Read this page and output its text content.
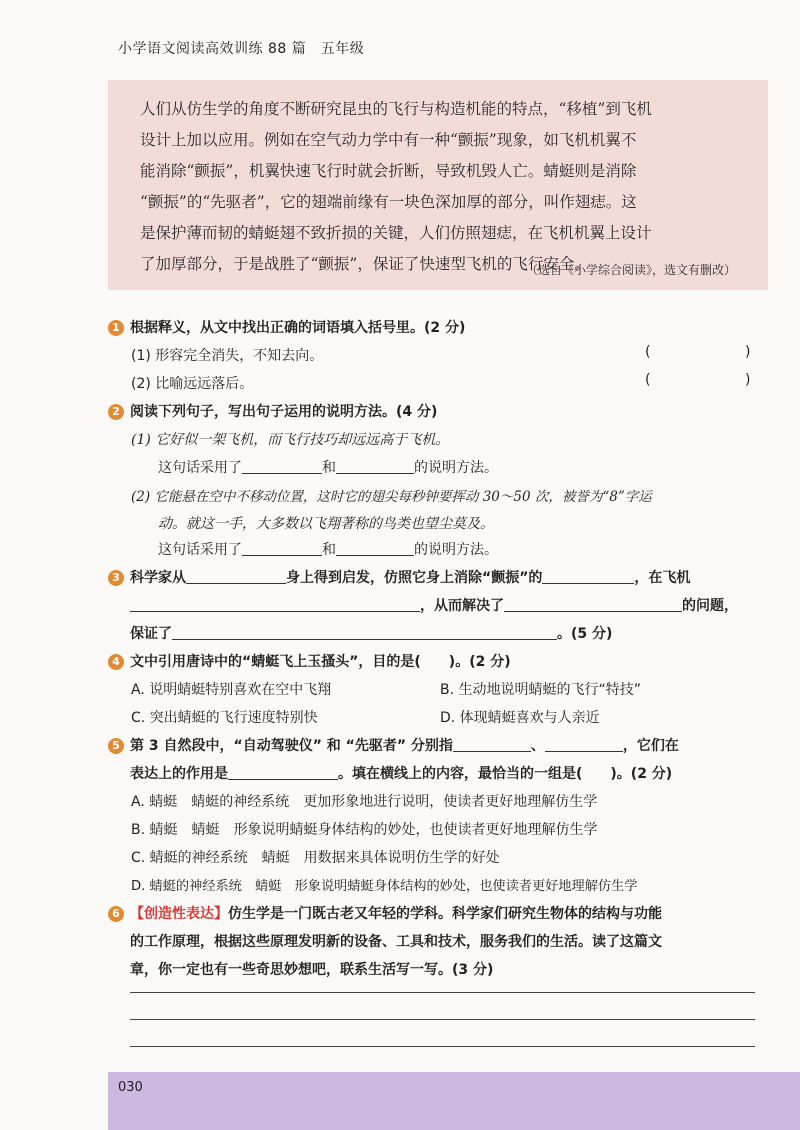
小学语文阅读高效训练 88 篇　五年级
人们从仿生学的角度不断研究昆虫的飞行与构造机能的特点，“移植”到飞机
设计上加以应用。例如在空气动力学中有一种“颤振”现象，如飞机机翼不
能消除“颤振”，机翼快速飞行时就会折断，导致机毁人亡。蜻蜓则是消除
“颤振”的“先驱者”，它的翅端前缘有一块色深加厚的部分，叫作翅痣。这
是保护薄而韧的蜻蜓翅不致折损的关键，人们仿照翅痣，在飞机机翼上设计
了加厚部分，于是战胜了“颤振”，保证了快速型飞机的飞行安全。
（选自《小学综合阅读》，选文有删改）
1 根据释义，从文中找出正确的词语填入括号里。(2 分)
(1) 形容完全消失，不知去向。	(	)
(2) 比喻远远落后。	(	)
2 阅读下列句子，写出句子运用的说明方法。(4 分)
(1) 它好似一架飞机，而飞行技巧却远远高于飞机。
这句话采用了	和	的说明方法。
(2) 它能悬在空中不移动位置，这时它的翅尖每秒钟要挥动 30～50 次，被誉为“8”字运
动。就这一手，大多数以飞翔著称的鸟类也望尘莫及。
这句话采用了	和	的说明方法。
3 科学家从	身上得到启发，仿照它身上消除“颤振”的	，在飞机
，从而解决了	的问题，
保证了	。(5 分)
4 文中引用唐诗中的“蜻蜓飞上玉搔头”，目的是(　　)。(2 分)
A. 说明蜻蜓特别喜欢在空中飞翔	B. 生动地说明蜻蜓的飞行“特技”
C. 突出蜻蜓的飞行速度特别快	D. 体现蜻蜓喜欢与人亲近
5 第 3 自然段中，“自动驾驶仪” 和 “先驱者” 分别指	、	，它们在
表达上的作用是	。填在横线上的内容，最恰当的一组是(　　)。(2 分)
A. 蜻蜓　蜻蜓的神经系统　更加形象地进行说明，使读者更好地理解仿生学
B. 蜻蜓　蜻蜓　形象说明蜻蜓身体结构的妙处，也使读者更好地理解仿生学
C. 蜻蜓的神经系统　蜻蜓　用数据来具体说明仿生学的好处
D. 蜻蜓的神经系统　蜻蜓　形象说明蜻蜓身体结构的妙处，也使读者更好地理解仿生学
6 【创造性表达】仿生学是一门既古老又年轻的学科。科学家们研究生物体的结构与功能
的工作原理，根据这些原理发明新的设备、工具和技术，服务我们的生活。读了这篇文
章，你一定也有一些奇思妙想吧，联系生活写一写。(3 分)
030
